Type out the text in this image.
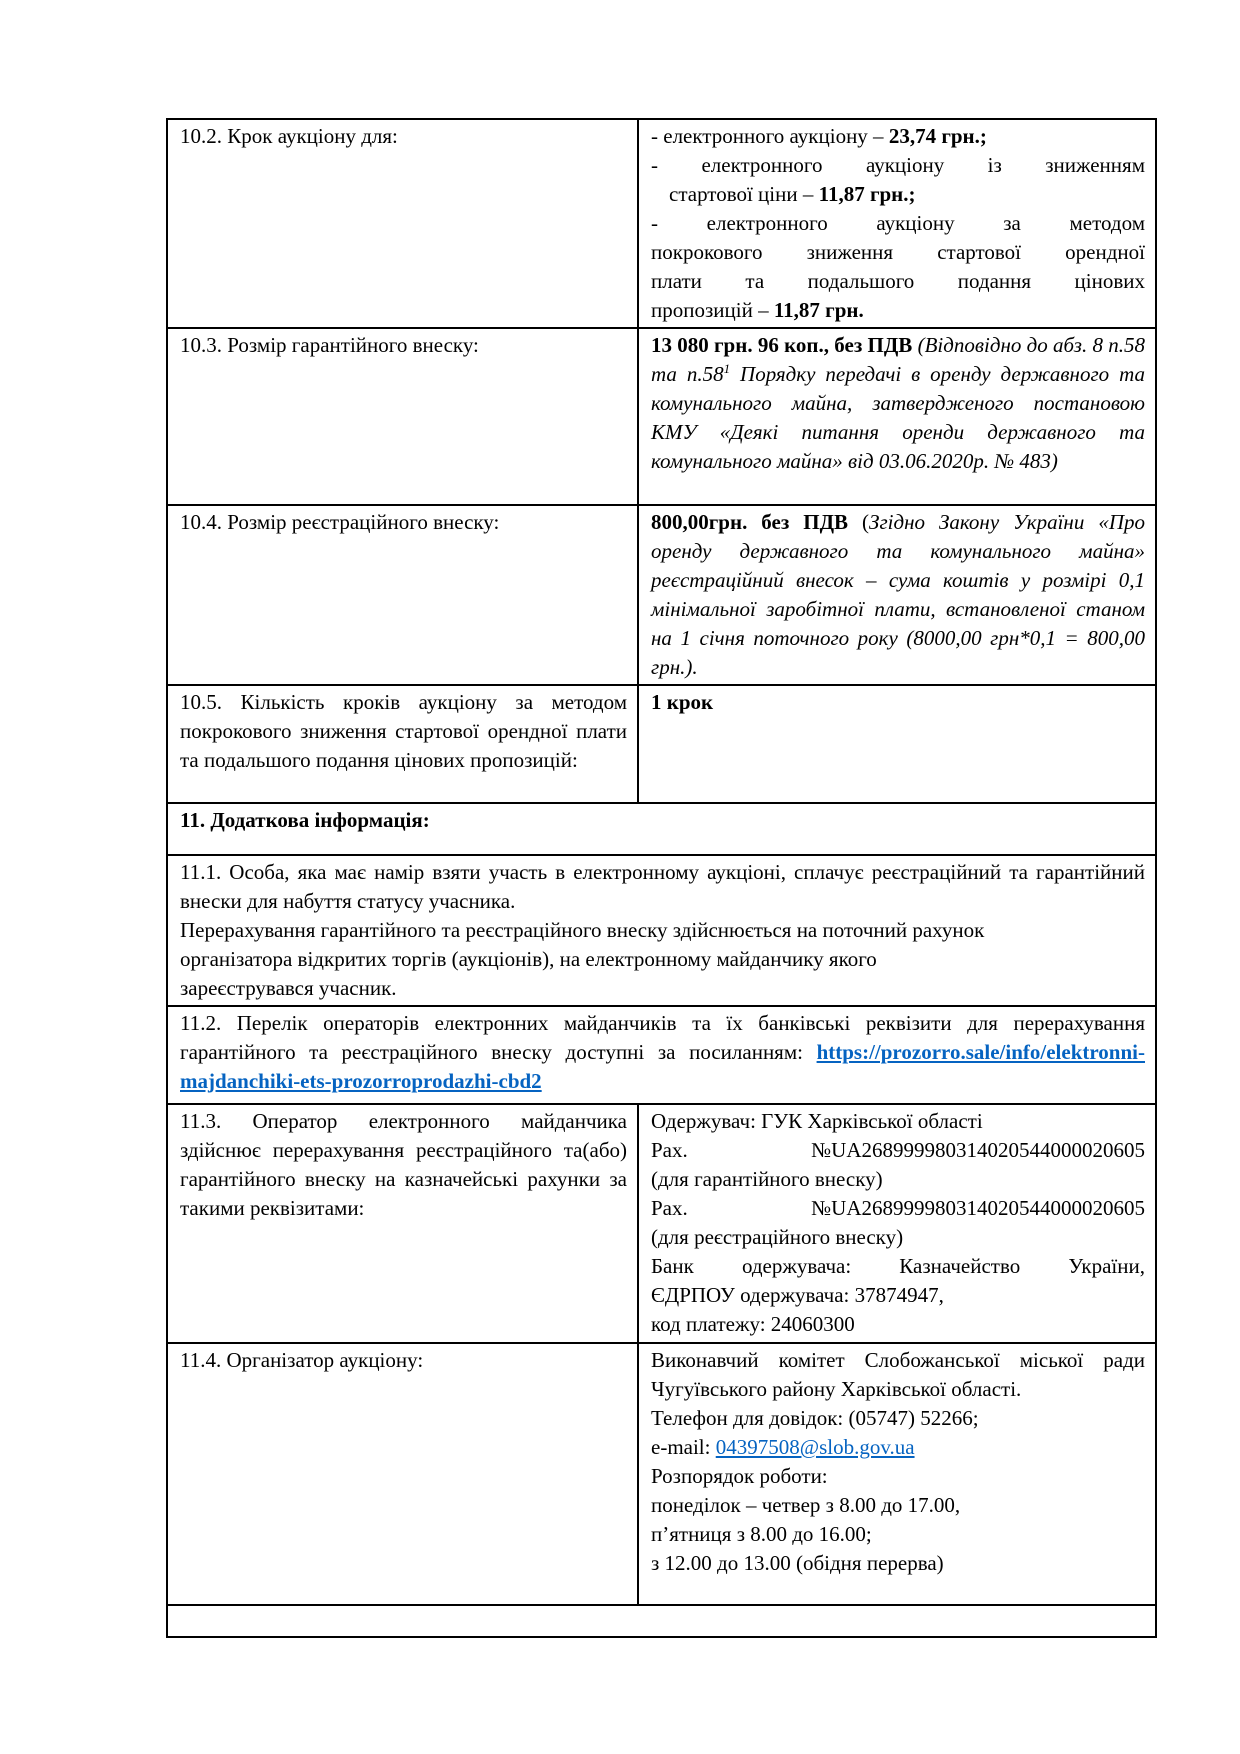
10.2. Крок аукціону для:	- електронного аукціону – 23,74 грн.;
- електронного аукціону із зниженням
стартової ціни – 11,87 грн.;
- електронного аукціону за методом
покрокового зниження стартової орендної
плати та подальшого подання цінових
пропозицій – 11,87 грн.

10.3. Розмір гарантійного внеску:	13 080 грн. 96 коп., без ПДВ (Відповідно до абз. 8 п.58 та $п.58^1$ Порядку передачі в оренду державного та комунального майна, затвердженого постановою КМУ «Деякі питання оренди державного та комунального майна» від 03.06.2020р. № 483)
10.4. Розмір реєстраційного внеску:	800,00грн. без ПДВ (Згідно Закону України «Про оренду державного та комунального майна» реєстраційний внесок – сума коштів у розмірі 0,1 мінімальної заробітної плати, встановленої станом на 1 січня поточного року (8000,00 грн*0,1 = 800,00 грн.).
10.5. Кількість кроків аукціону за методом покрокового зниження стартової орендної плати та подальшого подання цінових пропозицій:	1 крок
11. Додаткова інформація:	

11.1. Особа, яка має намір взяти участь в електронному аукціоні, сплачує реєстраційний та гарантійний внески для набуття статусу учасника.
Перерахування гарантійного та реєстраційного внеску здійснюється на поточний рахунок
організатора відкритих торгів (аукціонів), на електронному майданчику якого
зареєструвався учасник.	

11.2. Перелік операторів електронних майданчиків та їх банківські реквізити для перерахування гарантійного та реєстраційного внеску доступні за посиланням: https://prozorro.sale/info/elektronni-majdanchiki-ets-prozorroprodazhi-cbd2	
11.3. Оператор електронного майданчика здійснює перерахування реєстраційного та(або) гарантійного внеску на казначейські рахунки за такими реквізитами:	
Одержувач: ГУК Харківської області
Рах.	№UA268999980314020544000020605
(для гарантійного внеску)
Рах.	№UA268999980314020544000020605
(для реєстраційного внеску)
Банк одержувача: Казначейство України,
ЄДРПОУ одержувача: 37874947,
код платежу: 24060300

11.4. Організатор аукціону:	Виконавчий комітет Слобожанської міської ради Чугуївського району Харківської області.
Телефон для довідок: (05747) 52266;
e-mail: 04397508@slob.gov.ua
Розпорядок роботи:
понеділок – четвер з 8.00 до 17.00,
п’ятниця з 8.00 до 16.00;
з 12.00 до 13.00 (обідня перерва)
